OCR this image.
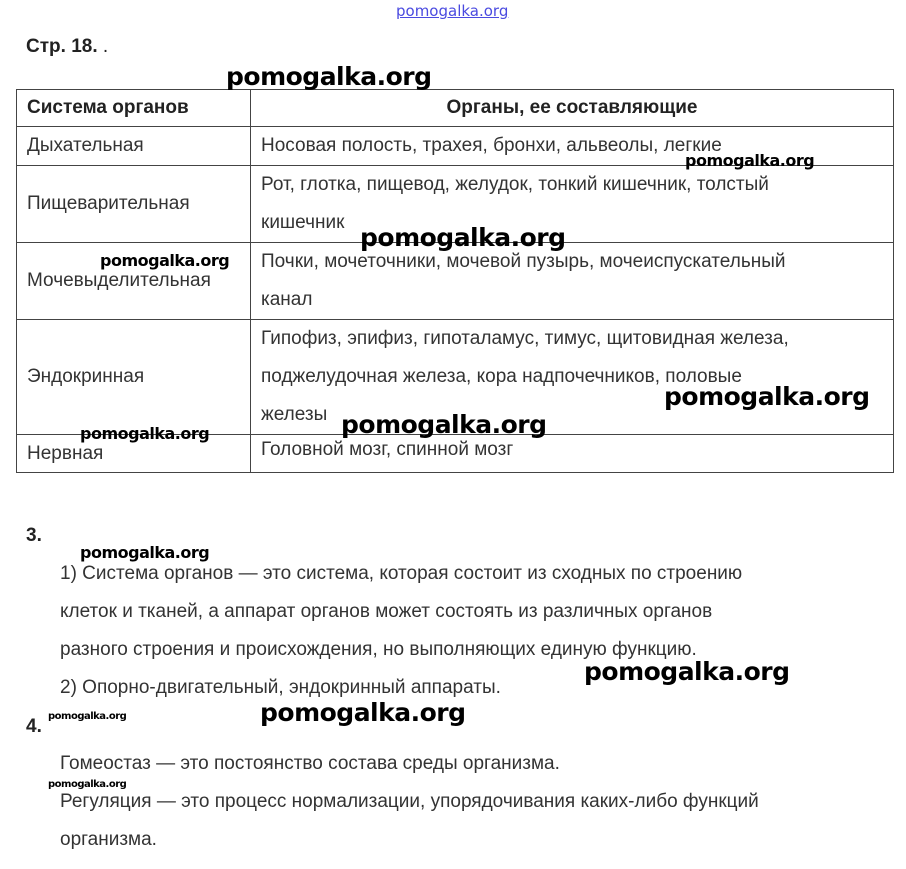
pomogalka.org
Стр. 18. .
Система органов	Органы, ее составляющие
Дыхательная	Носовая полость, трахея, бронхи, альвеолы, легкие

Пищеварительная	Рот, глотка, пищевод, желудок, тонкий кишечник, толстый
кишечник

Мочевыделительная	Почки, мочеточники, мочевой пузырь, мочеиспускательный
канал

Эндокринная	Гипофиз, эпифиз, гипоталамус, тимус, щитовидная железа,
поджелудочная железа, кора надпочечников, половые
железы

Нервная	Головной мозг, спинной мозг
3.
1) Система органов — это система, которая состоит из сходных по строению
клеток и тканей, а аппарат органов может состоять из различных органов
разного строения и происхождения, но выполняющих единую функцию.
2) Опорно-двигательный, эндокринный аппараты.
4.
Гомеостаз — это постоянство состава среды организма.
Регуляция — это процесс нормализации, упорядочивания каких-либо функций
организма.
pomogalka.org
pomogalka.org
pomogalka.org
pomogalka.org
pomogalka.org
pomogalka.org
pomogalka.org
pomogalka.org
pomogalka.org
pomogalka.org
pomogalka.org
pomogalka.org
